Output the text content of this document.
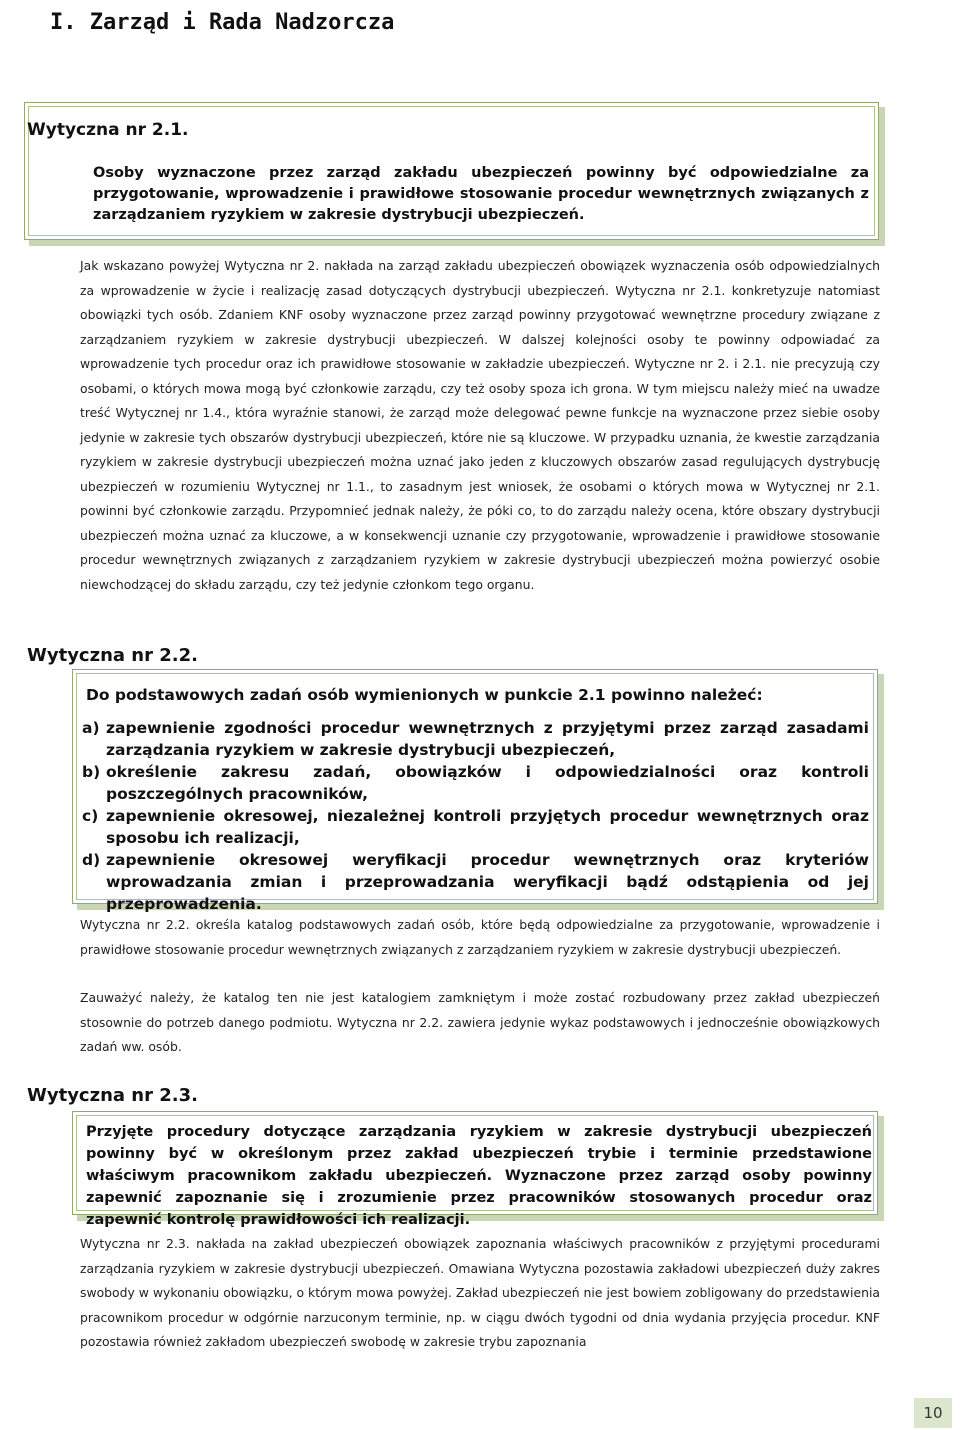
I. Zarząd i Rada Nadzorcza
Wytyczna nr 2.1.
Osoby wyznaczone przez zarząd zakładu ubezpieczeń powinny być odpowiedzialne za przygotowanie, wprowadzenie i prawidłowe stosowanie procedur wewnętrznych związanych z zarządzaniem ryzykiem w zakresie dystrybucji ubezpieczeń.

Jak wskazano powyżej Wytyczna nr 2. nakłada na zarząd zakładu ubezpieczeń obowiązek wyznaczenia osób odpowiedzialnych za wprowadzenie w życie i realizację zasad dotyczących dystrybucji ubezpieczeń. Wytyczna nr 2.1. konkretyzuje natomiast obowiązki tych osób. Zdaniem KNF osoby wyznaczone przez zarząd powinny przygotować wewnętrzne procedury związane z zarządzaniem ryzykiem w zakresie dystrybucji ubezpieczeń. W dalszej kolejności osoby te powinny odpowiadać za wprowadzenie tych procedur oraz ich prawidłowe stosowanie w zakładzie ubezpieczeń. Wytyczne nr 2. i 2.1. nie precyzują czy osobami, o których mowa mogą być członkowie zarządu, czy też osoby spoza ich grona. W tym miejscu należy mieć na uwadze treść Wytycznej nr 1.4., która wyraźnie stanowi, że zarząd może delegować pewne funkcje na wyznaczone przez siebie osoby jedynie w zakresie tych obszarów dystrybucji ubezpieczeń, które nie są kluczowe. W przypadku uznania, że kwestie zarządzania ryzykiem w zakresie dystrybucji ubezpieczeń można uznać jako jeden z kluczowych obszarów zasad regulujących dystrybucję ubezpieczeń w rozumieniu Wytycznej nr 1.1., to zasadnym jest wniosek, że osobami o których mowa w Wytycznej nr 2.1. powinni być członkowie zarządu. Przypomnieć jednak należy, że póki co, to do zarządu należy ocena, które obszary dystrybucji ubezpieczeń można uznać za kluczowe, a w konsekwencji uznanie czy przygotowanie, wprowadzenie i prawidłowe stosowanie procedur wewnętrznych związanych z zarządzaniem ryzykiem w zakresie dystrybucji ubezpieczeń można powierzyć osobie niewchodzącej do składu zarządu, czy też jedynie członkom tego organu.

Wytyczna nr 2.2.
Do podstawowych zadań osób wymienionych w punkcie 2.1 powinno należeć:
a) zapewnienie zgodności procedur wewnętrznych z przyjętymi przez zarząd zasadami zarządzania ryzykiem w zakresie dystrybucji ubezpieczeń,
b) określenie zakresu zadań, obowiązków i odpowiedzialności oraz kontroli poszczególnych pracowników,
c) zapewnienie okresowej, niezależnej kontroli przyjętych procedur wewnętrznych oraz sposobu ich realizacji,
d) zapewnienie okresowej weryfikacji procedur wewnętrznych oraz kryteriów wprowadzania zmian i przeprowadzania weryfikacji bądź odstąpienia od jej przeprowadzenia.

Wytyczna nr 2.2. określa katalog podstawowych zadań osób, które będą odpowiedzialne za przygotowanie, wprowadzenie i prawidłowe stosowanie procedur wewnętrznych związanych z zarządzaniem ryzykiem w zakresie dystrybucji ubezpieczeń.

Zauważyć należy, że katalog ten nie jest katalogiem zamkniętym i może zostać rozbudowany przez zakład ubezpieczeń stosownie do potrzeb danego podmiotu. Wytyczna nr 2.2. zawiera jedynie wykaz podstawowych i jednocześnie obowiązkowych zadań ww. osób.

Wytyczna nr 2.3.
Przyjęte procedury dotyczące zarządzania ryzykiem w zakresie dystrybucji ubezpieczeń powinny być w określonym przez zakład ubezpieczeń trybie i terminie przedstawione właściwym pracownikom zakładu ubezpieczeń. Wyznaczone przez zarząd osoby powinny zapewnić zapoznanie się i zrozumienie przez pracowników stosowanych procedur oraz zapewnić kontrolę prawidłowości ich realizacji.

Wytyczna nr 2.3. nakłada na zakład ubezpieczeń obowiązek zapoznania właściwych pracowników z przyjętymi procedurami zarządzania ryzykiem w zakresie dystrybucji ubezpieczeń. Omawiana Wytyczna pozostawia zakładowi ubezpieczeń duży zakres swobody w wykonaniu obowiązku, o którym mowa powyżej. Zakład ubezpieczeń nie jest bowiem zobligowany do przedstawienia pracownikom procedur w odgórnie narzuconym terminie, np. w ciągu dwóch tygodni od dnia wydania przyjęcia procedur. KNF pozostawia również zakładom ubezpieczeń swobodę w zakresie trybu zapoznania

10
